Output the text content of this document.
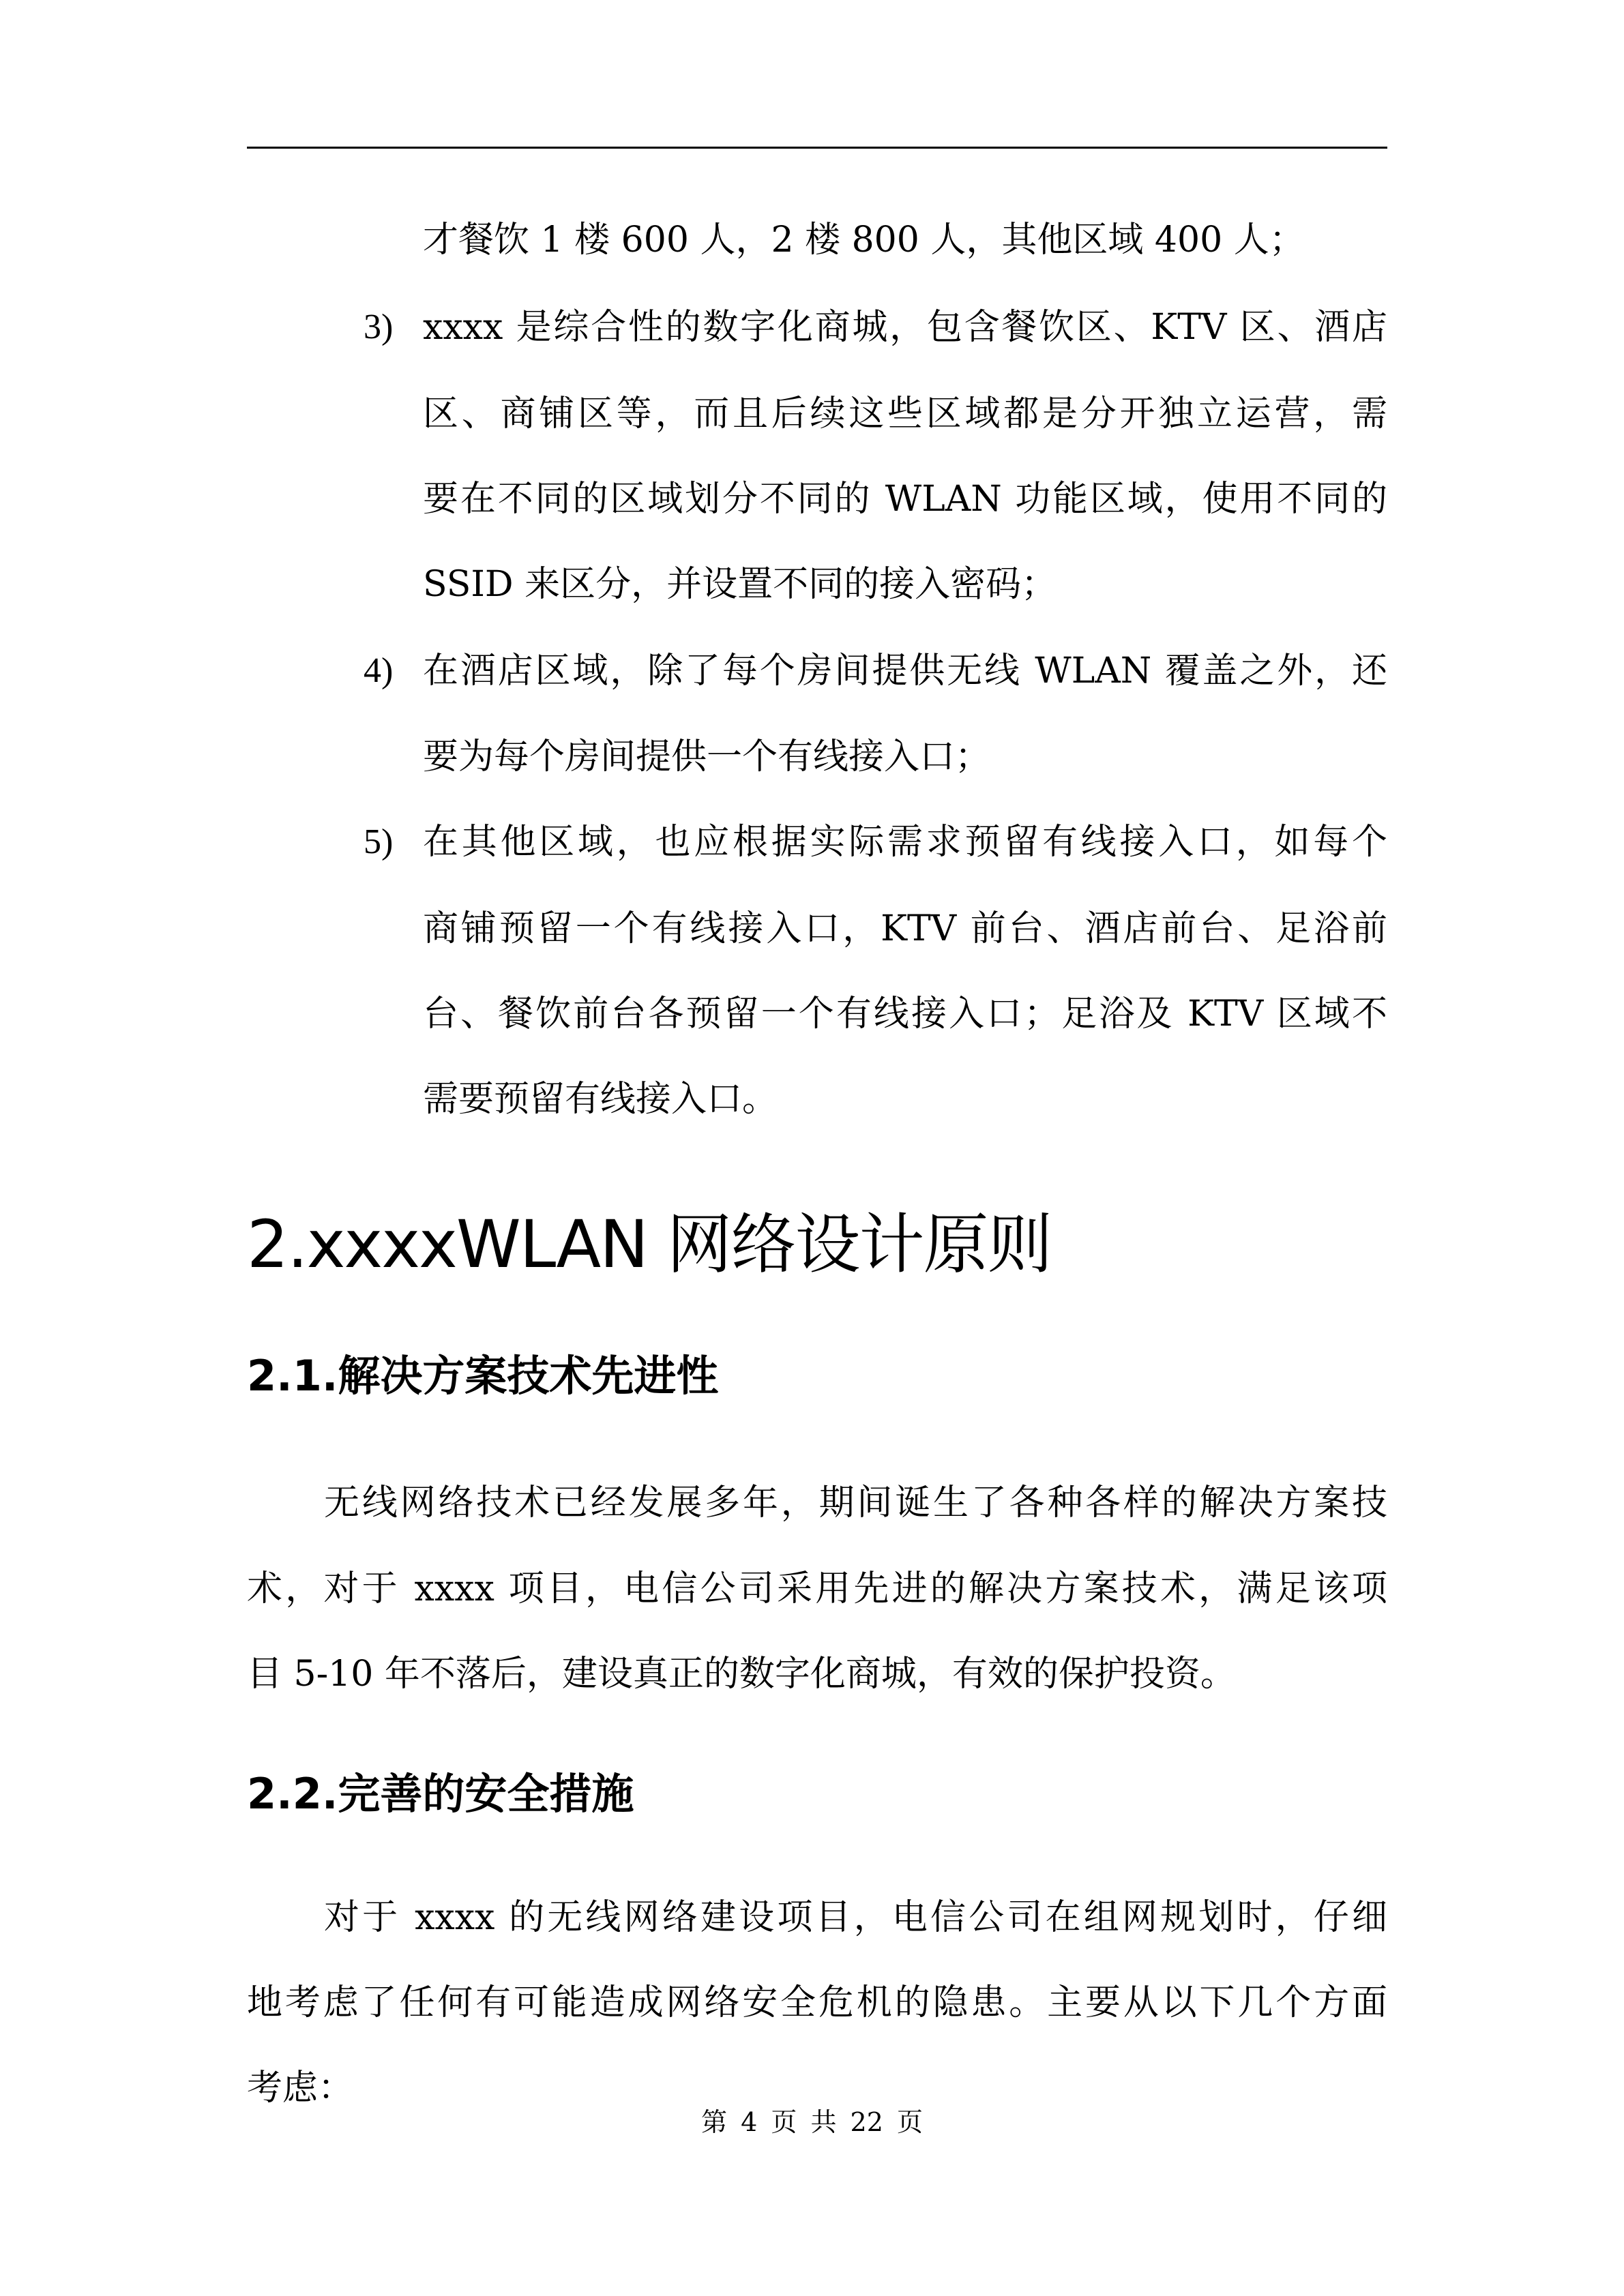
才餐饮 1 楼 600 人，2 楼 800 人，其他区域 400 人；
3) xxxx 是综合性的数字化商城，包含餐饮区、KTV 区、酒店
区、商铺区等，而且后续这些区域都是分开独立运营，需
要在不同的区域划分不同的 WLAN 功能区域，使用不同的
SSID 来区分，并设置不同的接入密码；
4) 在酒店区域，除了每个房间提供无线 WLAN 覆盖之外，还
要为每个房间提供一个有线接入口；
5) 在其他区域，也应根据实际需求预留有线接入口，如每个
商铺预留一个有线接入口，KTV 前台、酒店前台、足浴前
台、餐饮前台各预留一个有线接入口；足浴及 KTV 区域不
需要预留有线接入口。
2.xxxxWLAN 网络设计原则
2.1.解决方案技术先进性
无线网络技术已经发展多年，期间诞生了各种各样的解决方案技
术，对于 xxxx 项目，电信公司采用先进的解决方案技术，满足该项
目 5-10 年不落后，建设真正的数字化商城，有效的保护投资。
2.2.完善的安全措施
对于 xxxx 的无线网络建设项目，电信公司在组网规划时，仔细
地考虑了任何有可能造成网络安全危机的隐患。主要从以下几个方面
考虑：
第 4 页 共 22 页
